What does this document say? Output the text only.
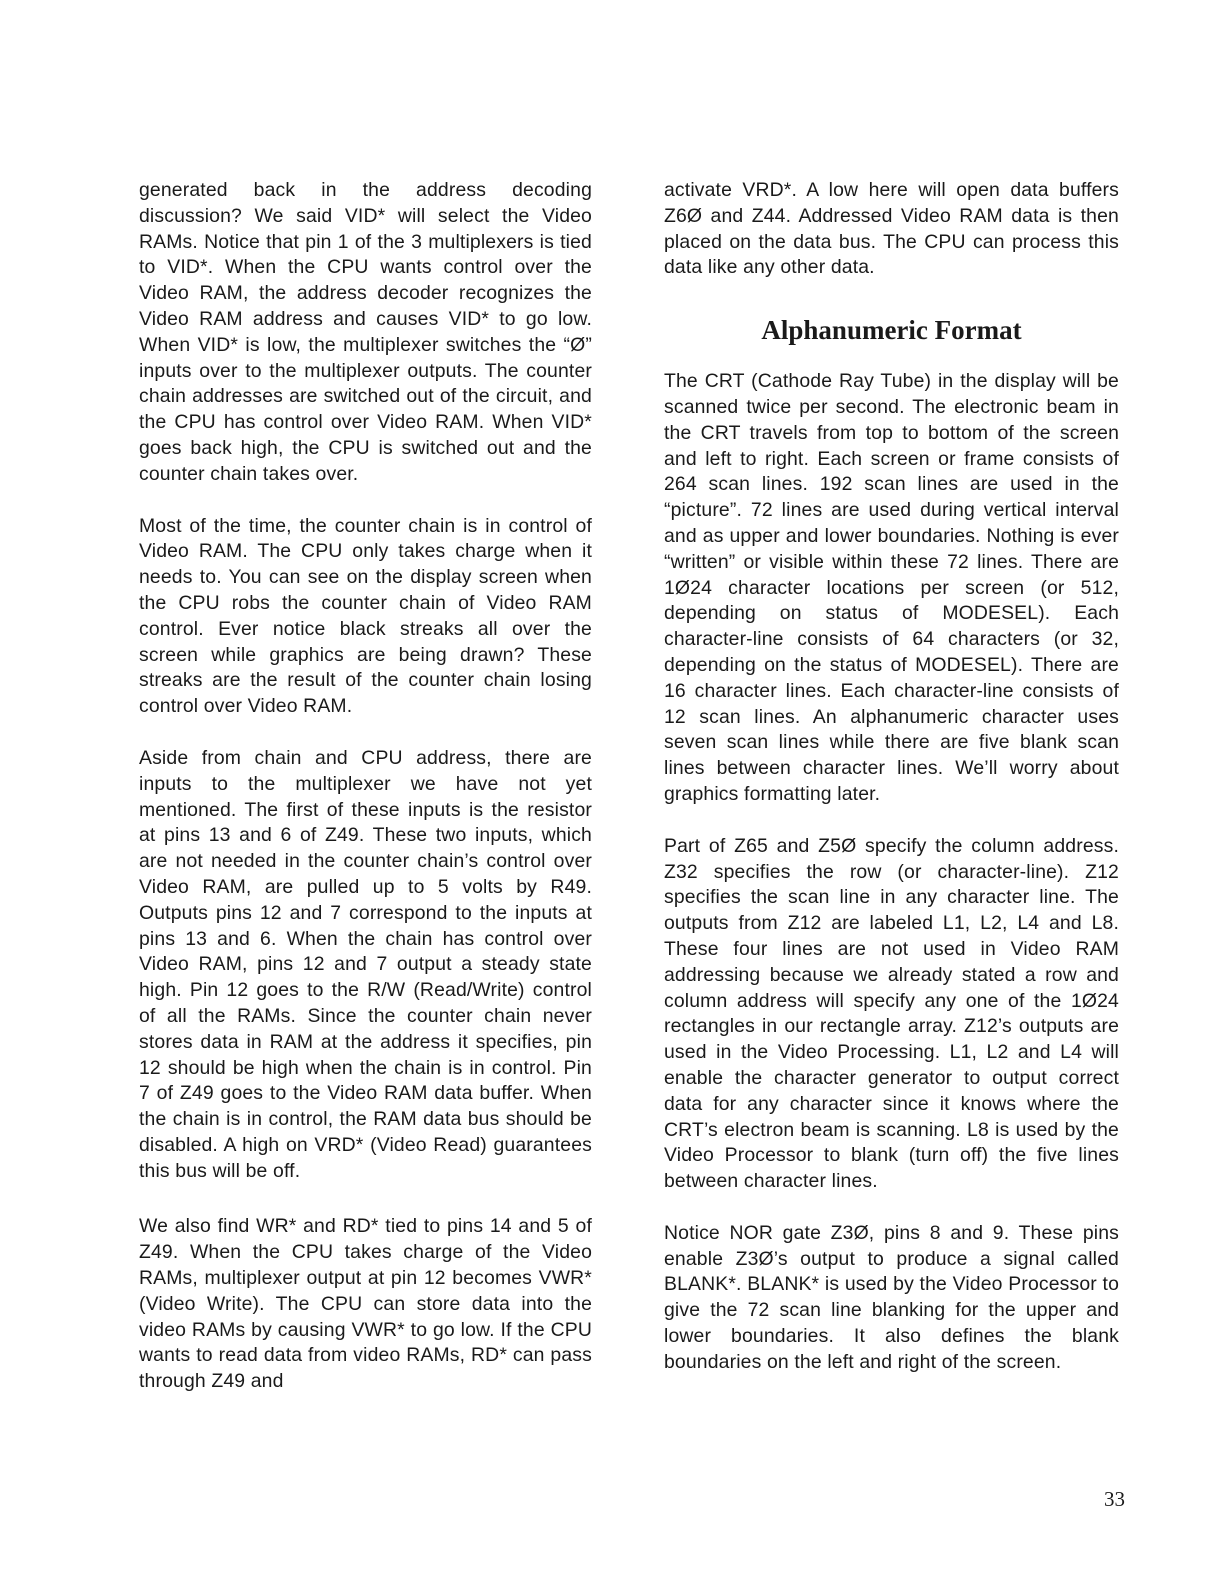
generated back in the address decoding discussion? We said VID* will select the Video RAMs. Notice that pin 1 of the 3 multiplexers is tied to VID*. When the CPU wants control over the Video RAM, the address decoder recognizes the Video RAM address and causes VID* to go low. When VID* is low, the multiplexer switches the “Ø” inputs over to the multiplexer outputs. The counter chain addresses are switched out of the circuit, and the CPU has control over Video RAM. When VID* goes back high, the CPU is switched out and the counter chain takes over.

Most of the time, the counter chain is in control of Video RAM. The CPU only takes charge when it needs to. You can see on the display screen when the CPU robs the counter chain of Video RAM control. Ever notice black streaks all over the screen while graphics are being drawn? These streaks are the result of the counter chain losing control over Video RAM.

Aside from chain and CPU address, there are inputs to the multiplexer we have not yet mentioned. The first of these inputs is the resistor at pins 13 and 6 of Z49. These two inputs, which are not needed in the counter chain’s control over Video RAM, are pulled up to 5 volts by R49. Outputs pins 12 and 7 correspond to the inputs at pins 13 and 6. When the chain has control over Video RAM, pins 12 and 7 output a steady state high. Pin 12 goes to the R/W (Read/Write) control of all the RAMs. Since the counter chain never stores data in RAM at the address it specifies, pin 12 should be high when the chain is in control. Pin 7 of Z49 goes to the Video RAM data buffer. When the chain is in control, the RAM data bus should be disabled. A high on VRD* (Video Read) guarantees this bus will be off.

We also find WR* and RD* tied to pins 14 and 5 of Z49. When the CPU takes charge of the Video RAMs, multiplexer output at pin 12 becomes VWR* (Video Write). The CPU can store data into the video RAMs by causing VWR* to go low. If the CPU wants to read data from video RAMs, RD* can pass through Z49 and

activate VRD*. A low here will open data buffers Z6Ø and Z44. Addressed Video RAM data is then placed on the data bus. The CPU can process this data like any other data.

Alphanumeric Format

The CRT (Cathode Ray Tube) in the display will be scanned twice per second. The electronic beam in the CRT travels from top to bottom of the screen and left to right. Each screen or frame consists of 264 scan lines. 192 scan lines are used in the “picture”. 72 lines are used during vertical interval and as upper and lower boundaries. Nothing is ever “written” or visible within these 72 lines. There are 1Ø24 character locations per screen (or 512, depending on status of MODESEL). Each character-line consists of 64 characters (or 32, depending on the status of MODESEL). There are 16 character lines. Each character-line consists of 12 scan lines. An alphanumeric character uses seven scan lines while there are five blank scan lines between character lines. We’ll worry about graphics formatting later.

Part of Z65 and Z5Ø specify the column address. Z32 specifies the row (or character-line). Z12 specifies the scan line in any character line. The outputs from Z12 are labeled L1, L2, L4 and L8. These four lines are not used in Video RAM addressing because we already stated a row and column address will specify any one of the 1Ø24 rectangles in our rectangle array. Z12’s outputs are used in the Video Processing. L1, L2 and L4 will enable the character generator to output correct data for any character since it knows where the CRT’s electron beam is scanning. L8 is used by the Video Processor to blank (turn off) the five lines between character lines.

Notice NOR gate Z3Ø, pins 8 and 9. These pins enable Z3Ø’s output to produce a signal called BLANK*. BLANK* is used by the Video Processor to give the 72 scan line blanking for the upper and lower boundaries. It also defines the blank boundaries on the left and right of the screen.

33
